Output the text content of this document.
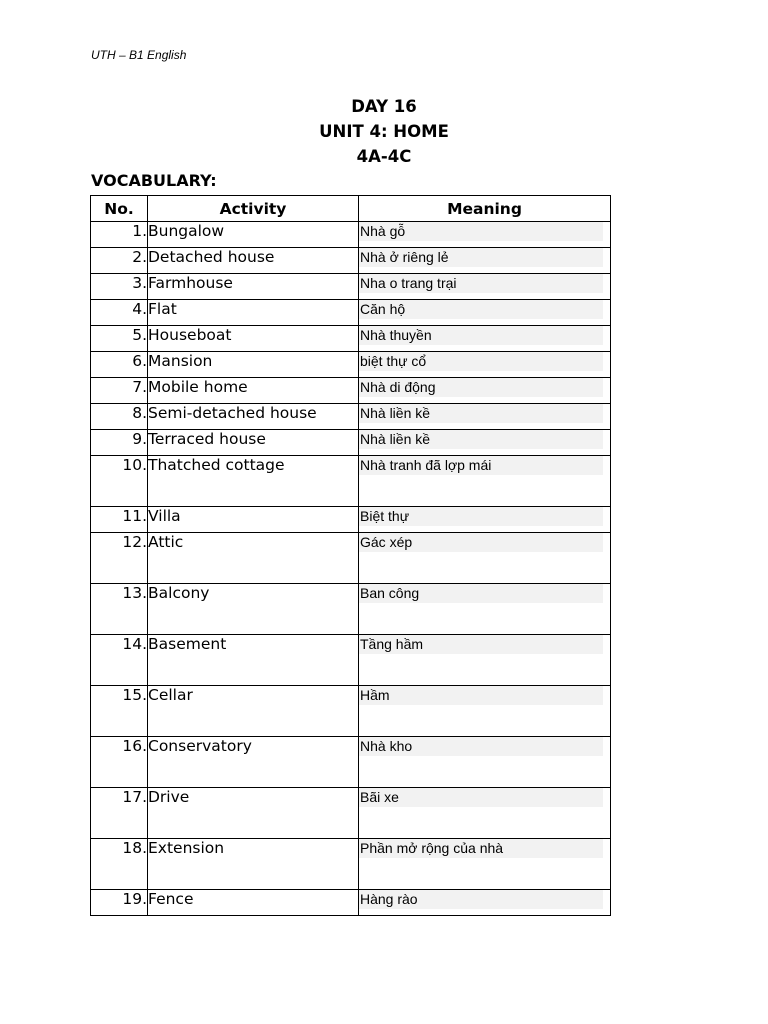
UTH – B1 English
DAY 16
UNIT 4: HOME
4A-4C
VOCABULARY:
No.	Activity	Meaning
1.	Bungalow	Nhà gỗ

2.	Detached house	Nhà ở riêng lẻ

3.	Farmhouse	Nha o trang trại

4.	Flat	Căn hộ

5.	Houseboat	Nhà thuyền

6.	Mansion	biệt thự cổ

7.	Mobile home	Nhà di động

8.	Semi-detached house	Nhà liền kề

9.	Terraced house	Nhà liền kề

10.	Thatched cottage	Nhà tranh đã lợp mái

11.	Villa	Biệt thự

12.	Attic	Gác xép

13.	Balcony	Ban công

14.	Basement	Tầng hầm

15.	Cellar	Hầm

16.	Conservatory	Nhà kho

17.	Drive	Bãi xe

18.	Extension	Phần mở rộng của nhà

19.	Fence	Hàng rào
